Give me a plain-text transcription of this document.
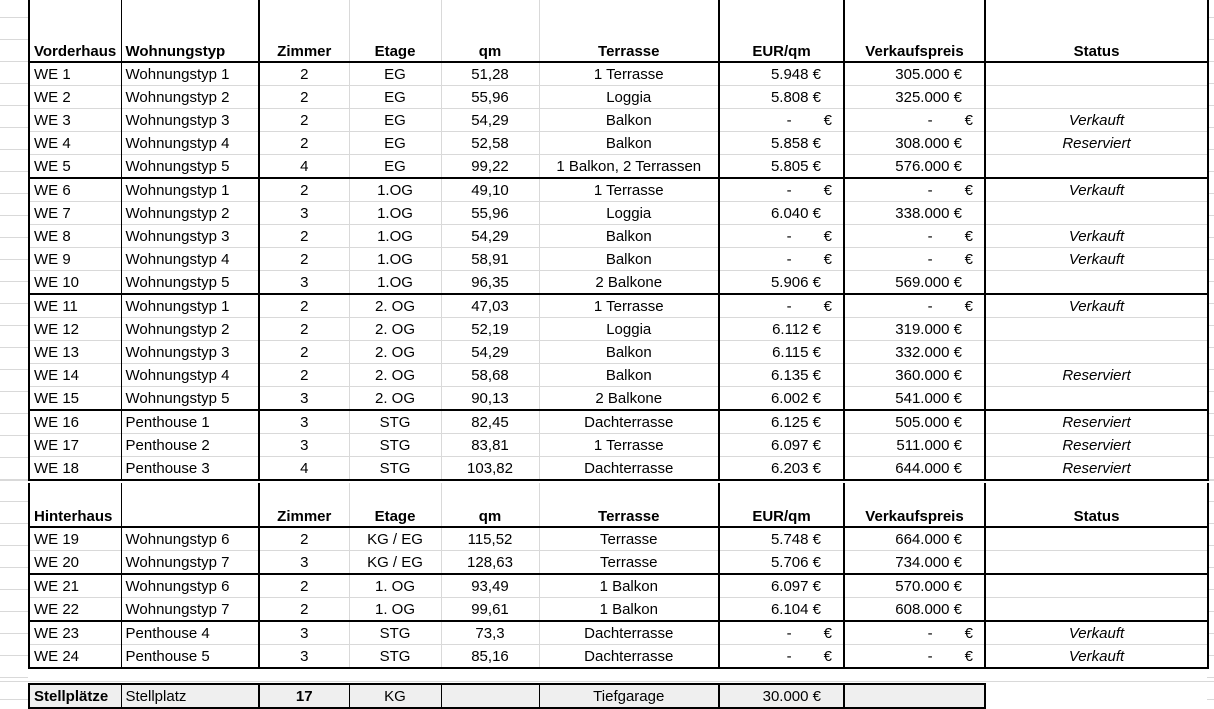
Vorderhaus	Wohnungstyp	Zimmer	Etage	qm	Terrasse	EUR/qm	Verkaufspreis	Status
WE 1	Wohnungstyp 1	2	EG	51,28	1 Terrasse	5.948 €	305.000 €	
WE 2	Wohnungstyp 2	2	EG	55,96	Loggia	5.808 €	325.000 €	
WE 3	Wohnungstyp 3	2	EG	54,29	Balkon	- €	- €	Verkauft
WE 4	Wohnungstyp 4	2	EG	52,58	Balkon	5.858 €	308.000 €	Reserviert
WE 5	Wohnungstyp 5	4	EG	99,22	1 Balkon, 2 Terrassen	5.805 €	576.000 €	
WE 6	Wohnungstyp 1	2	1.OG	49,10	1 Terrasse	- €	- €	Verkauft
WE 7	Wohnungstyp 2	3	1.OG	55,96	Loggia	6.040 €	338.000 €	
WE 8	Wohnungstyp 3	2	1.OG	54,29	Balkon	- €	- €	Verkauft
WE 9	Wohnungstyp 4	2	1.OG	58,91	Balkon	- €	- €	Verkauft
WE 10	Wohnungstyp 5	3	1.OG	96,35	2 Balkone	5.906 €	569.000 €	
WE 11	Wohnungstyp 1	2	2. OG	47,03	1 Terrasse	- €	- €	Verkauft
WE 12	Wohnungstyp 2	2	2. OG	52,19	Loggia	6.112 €	319.000 €	
WE 13	Wohnungstyp 3	2	2. OG	54,29	Balkon	6.115 €	332.000 €	
WE 14	Wohnungstyp 4	2	2. OG	58,68	Balkon	6.135 €	360.000 €	Reserviert
WE 15	Wohnungstyp 5	3	2. OG	90,13	2 Balkone	6.002 €	541.000 €	
WE 16	Penthouse 1	3	STG	82,45	Dachterrasse	6.125 €	505.000 €	Reserviert
WE 17	Penthouse 2	3	STG	83,81	1 Terrasse	6.097 €	511.000 €	Reserviert
WE 18	Penthouse 3	4	STG	103,82	Dachterrasse	6.203 €	644.000 €	Reserviert
Hinterhaus		Zimmer	Etage	qm	Terrasse	EUR/qm	Verkaufspreis	Status
WE 19	Wohnungstyp 6	2	KG / EG	115,52	Terrasse	5.748 €	664.000 €	
WE 20	Wohnungstyp 7	3	KG / EG	128,63	Terrasse	5.706 €	734.000 €	
WE 21	Wohnungstyp 6	2	1. OG	93,49	1 Balkon	6.097 €	570.000 €	
WE 22	Wohnungstyp 7	2	1. OG	99,61	1 Balkon	6.104 €	608.000 €	
WE 23	Penthouse 4	3	STG	73,3	Dachterrasse	- €	- €	Verkauft
WE 24	Penthouse 5	3	STG	85,16	Dachterrasse	- €	- €	Verkauft
Stellplätze	Stellplatz	17	KG		Tiefgarage	30.000 €	
